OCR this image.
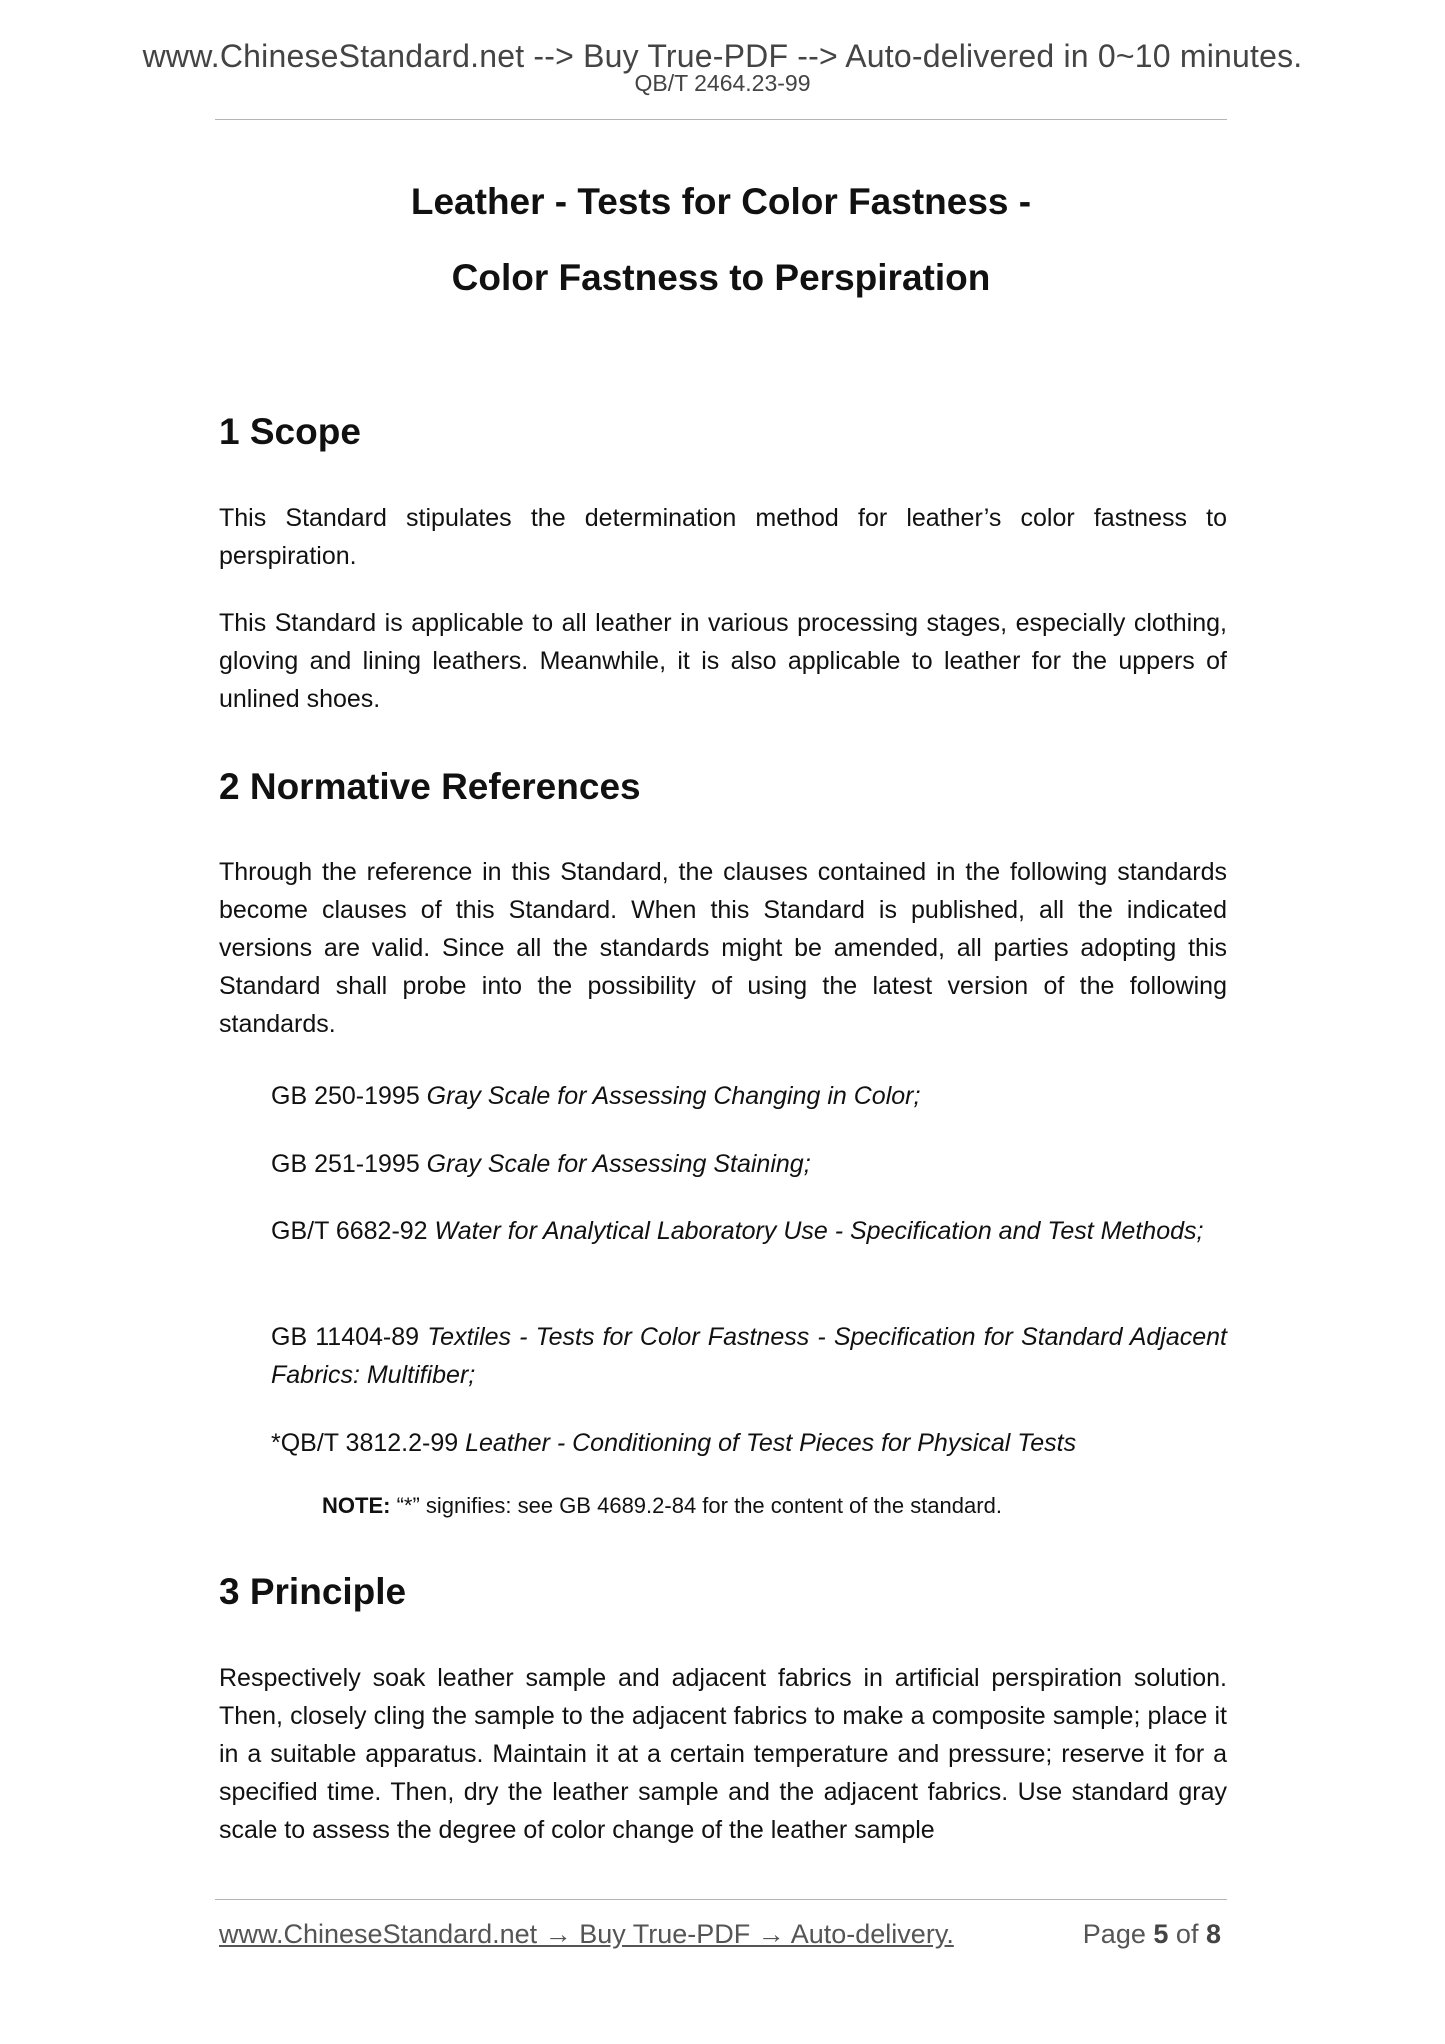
www.ChineseStandard.net --> Buy True-PDF --> Auto-delivered in 0~10 minutes.
QB/T 2464.23-99
Leather - Tests for Color Fastness -
Color Fastness to Perspiration
1 Scope

This Standard stipulates the determination method for leather’s color fastness to perspiration.

This Standard is applicable to all leather in various processing stages, especially clothing, gloving and lining leathers. Meanwhile, it is also applicable to leather for the uppers of unlined shoes.

2 Normative References

Through the reference in this Standard, the clauses contained in the following standards become clauses of this Standard. When this Standard is published, all the indicated versions are valid. Since all the standards might be amended, all parties adopting this Standard shall probe into the possibility of using the latest version of the following standards.

GB 250-1995 Gray Scale for Assessing Changing in Color;

GB 251-1995 Gray Scale for Assessing Staining;

GB/T 6682-92 Water for Analytical Laboratory Use - Specification and Test Methods;

GB 11404-89 Textiles - Tests for Color Fastness - Specification for Standard Adjacent Fabrics: Multifiber;

*QB/T 3812.2-99 Leather - Conditioning of Test Pieces for Physical Tests

NOTE: “*” signifies: see GB 4689.2-84 for the content of the standard.
3 Principle

Respectively soak leather sample and adjacent fabrics in artificial perspiration solution. Then, closely cling the sample to the adjacent fabrics to make a composite sample; place it in a suitable apparatus. Maintain it at a certain temperature and pressure; reserve it for a specified time. Then, dry the leather sample and the adjacent fabrics. Use standard gray scale to assess the degree of color change of the leather sample

www.ChineseStandard.net → Buy True-PDF → Auto-delivery.	Page 5 of 8
